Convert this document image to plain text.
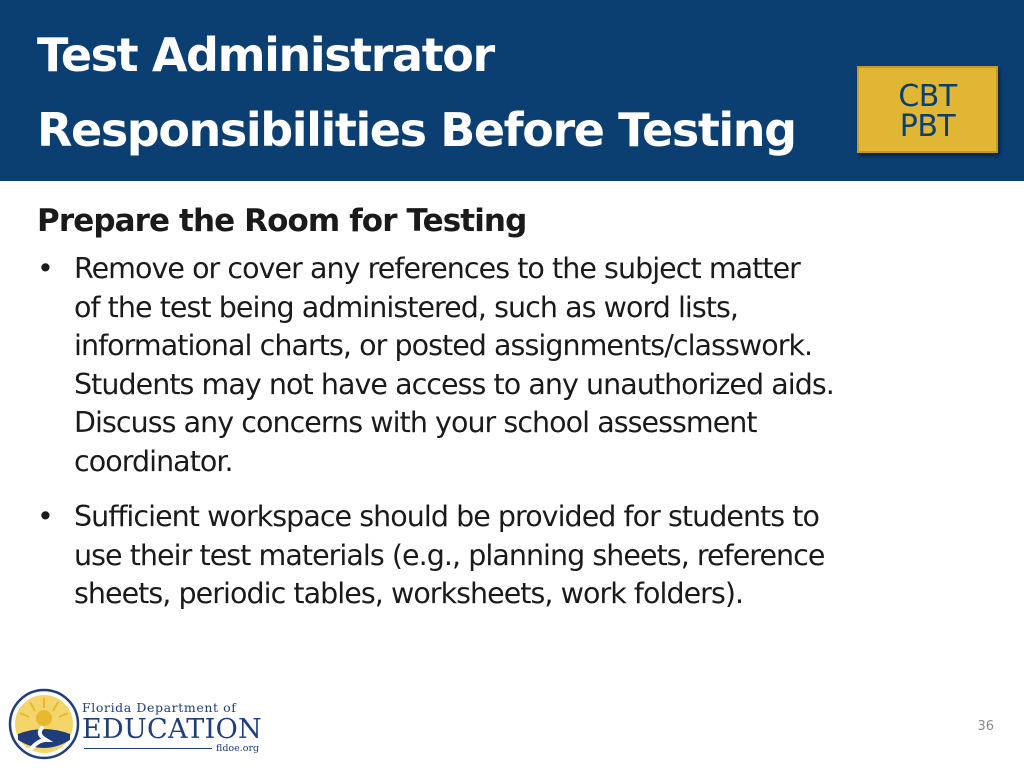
Test Administrator
Responsibilities Before Testing
CBT
PBT
Prepare the Room for Testing
• Remove or cover any references to the subject matter
of the test being administered, such as word lists,
informational charts, or posted assignments/classwork.
Students may not have access to any unauthorized aids.
Discuss any concerns with your school assessment
coordinator.
• Sufficient workspace should be provided for students to
use their test materials (e.g., planning sheets, reference
sheets, periodic tables, worksheets, work folders).
Florida Department of
EDUCATION
fldoe.org
36
